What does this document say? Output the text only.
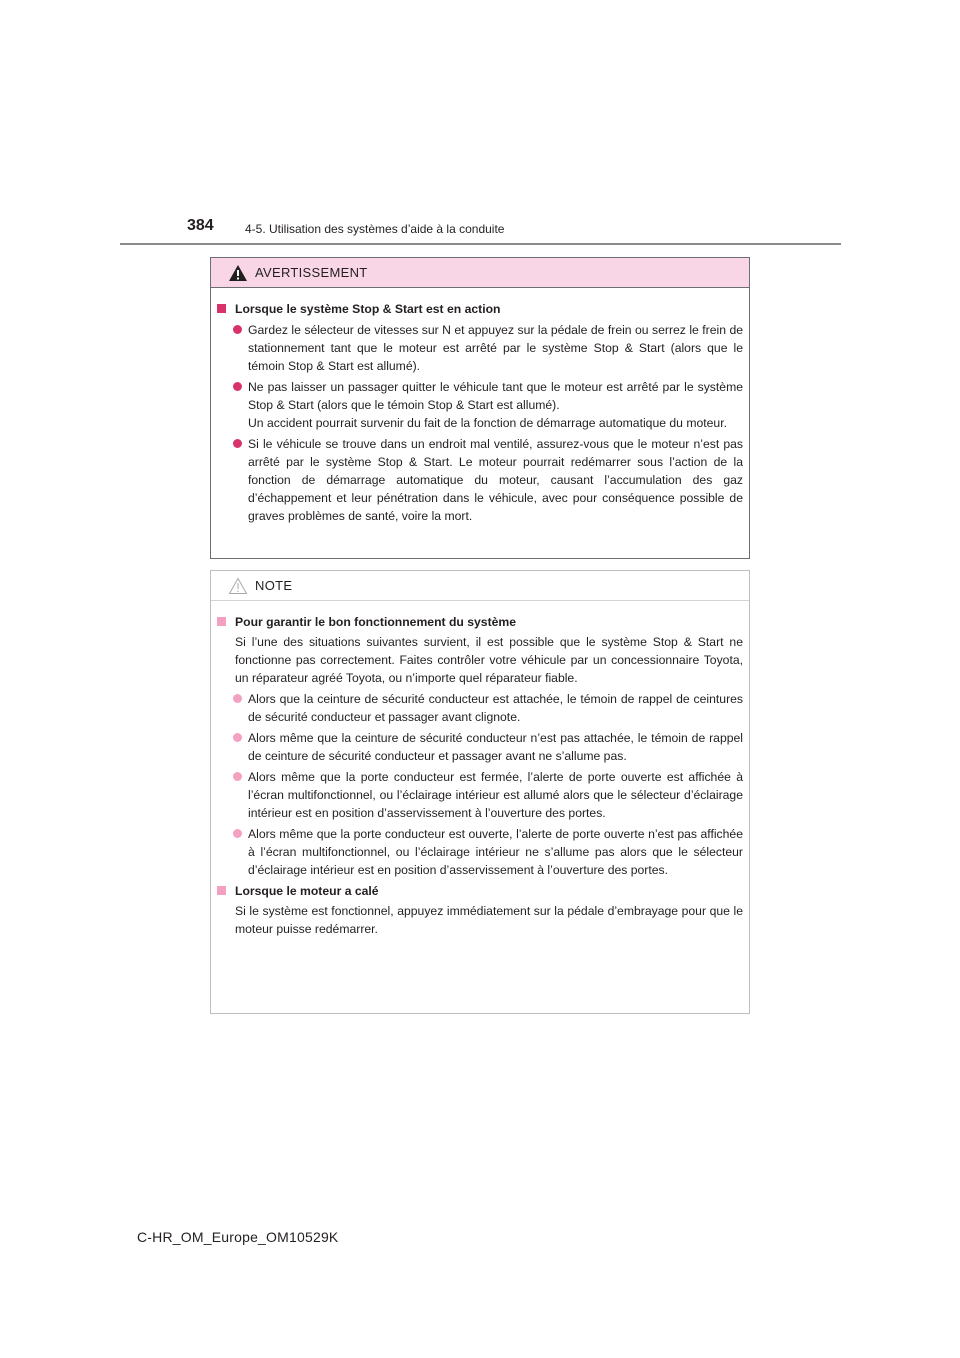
384	4-5. Utilisation des systèmes d’aide à la conduite
AVERTISSEMENT
Lorsque le système Stop & Start est en action
Gardez le sélecteur de vitesses sur N et appuyez sur la pédale de frein ou serrez le frein de stationnement tant que le moteur est arrêté par le système Stop & Start (alors que le témoin Stop & Start est allumé).
Ne pas laisser un passager quitter le véhicule tant que le moteur est arrêté par le système Stop & Start (alors que le témoin Stop & Start est allumé).
Un accident pourrait survenir du fait de la fonction de démarrage automatique du moteur.
Si le véhicule se trouve dans un endroit mal ventilé, assurez-vous que le moteur n’est pas arrêté par le système Stop & Start. Le moteur pourrait redémarrer sous l’action de la fonction de démarrage automatique du moteur, causant l’accumulation des gaz d’échappement et leur pénétration dans le véhicule, avec pour conséquence possible de graves problèmes de santé, voire la mort.
NOTE
Pour garantir le bon fonctionnement du système
Si l’une des situations suivantes survient, il est possible que le système Stop & Start ne fonctionne pas correctement. Faites contrôler votre véhicule par un concessionnaire Toyota, un réparateur agréé Toyota, ou n’importe quel réparateur fiable.
Alors que la ceinture de sécurité conducteur est attachée, le témoin de rappel de ceintures de sécurité conducteur et passager avant clignote.
Alors même que la ceinture de sécurité conducteur n’est pas attachée, le témoin de rappel de ceinture de sécurité conducteur et passager avant ne s’allume pas.
Alors même que la porte conducteur est fermée, l’alerte de porte ouverte est affichée à l’écran multifonctionnel, ou l’éclairage intérieur est allumé alors que le sélecteur d’éclairage intérieur est en position d’asservissement à l’ouverture des portes.
Alors même que la porte conducteur est ouverte, l’alerte de porte ouverte n’est pas affichée à l’écran multifonctionnel, ou l’éclairage intérieur ne s’allume pas alors que le sélecteur d’éclairage intérieur est en position d’asservissement à l’ouverture des portes.
Lorsque le moteur a calé
Si le système est fonctionnel, appuyez immédiatement sur la pédale d’embrayage pour que le moteur puisse redémarrer.
C-HR_OM_Europe_OM10529K
